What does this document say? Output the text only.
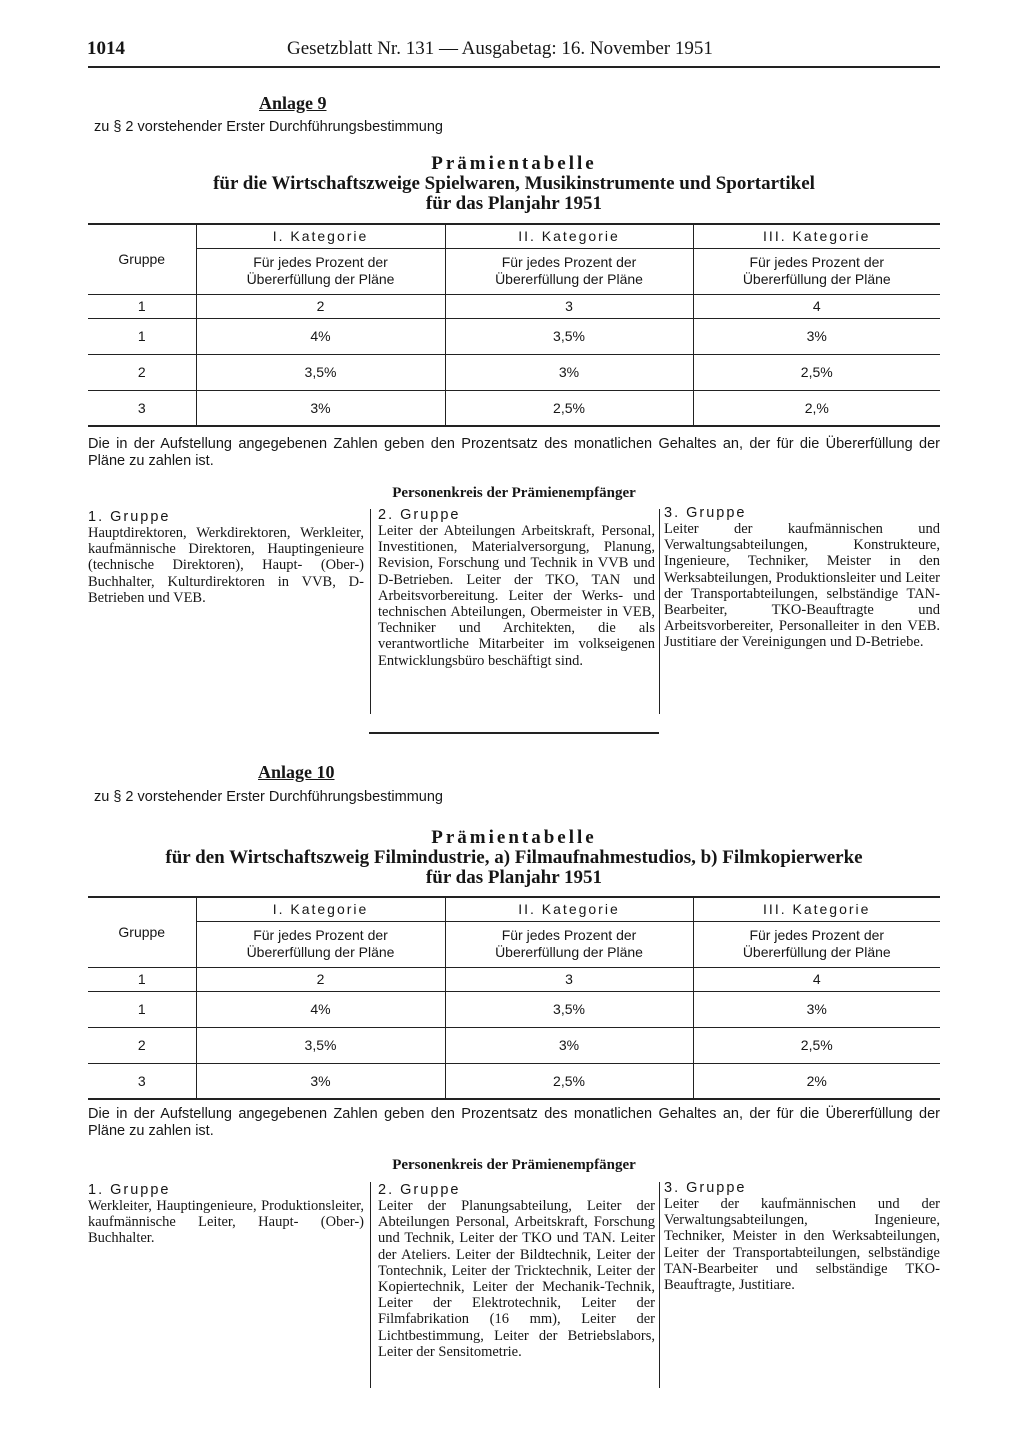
1014	Gesetzblatt Nr. 131 — Ausgabetag: 16. November 1951
Anlage 9
zu § 2 vorstehender Erster Durchführungsbestimmung
Prämientabelle
für die Wirtschaftszweige Spielwaren, Musikinstrumente und Sportartikel
für das Planjahr 1951
Gruppe	I. Kategorie	II. Kategorie	III. Kategorie

	Für jedes Prozent der Übererfüllung der Pläne	Für jedes Prozent der Übererfüllung der Pläne	Für jedes Prozent der Übererfüllung der Pläne

1	2	3	4
1	4%	3,5%	3%
2	3,5%	3%	2,5%
3	3%	2,5%	2,%
Die in der Aufstellung angegebenen Zahlen geben den Prozentsatz des monatlichen Gehaltes an, der für die Übererfüllung der Pläne zu zahlen ist.
Personenkreis der Prämienempfänger
1. Gruppe
Hauptdirektoren, Werkdirektoren, Werkleiter, kaufmännische Direktoren, Hauptingenieure (technische Direktoren), Haupt- (Ober-) Buchhalter, Kulturdirektoren in VVB, D-Betrieben und VEB.
2. Gruppe
Leiter der Abteilungen Arbeitskraft, Personal, Investitionen, Materialversorgung, Planung, Revision, Forschung und Technik in VVB und D-Betrieben. Leiter der TKO, TAN und Arbeitsvorbereitung. Leiter der Werks- und technischen Abteilungen, Obermeister in VEB, Techniker und Architekten, die als verantwortliche Mitarbeiter im volkseigenen Entwicklungsbüro beschäftigt sind.
3. Gruppe
Leiter der kaufmännischen und Verwaltungsabteilungen, Konstrukteure, Ingenieure, Techniker, Meister in den Werksabteilungen, Produktionsleiter und Leiter der Transportabteilungen, selbständige TAN-Bearbeiter, TKO-Beauftragte und Arbeitsvorbereiter, Personalleiter in den VEB. Justitiare der Vereinigungen und D-Betriebe.
Anlage 10
zu § 2 vorstehender Erster Durchführungsbestimmung
Prämientabelle
für den Wirtschaftszweig Filmindustrie, a) Filmaufnahmestudios, b) Filmkopierwerke
für das Planjahr 1951
Gruppe	I. Kategorie	II. Kategorie	III. Kategorie

	Für jedes Prozent der Übererfüllung der Pläne	Für jedes Prozent der Übererfüllung der Pläne	Für jedes Prozent der Übererfüllung der Pläne

1	2	3	4
1	4%	3,5%	3%
2	3,5%	3%	2,5%
3	3%	2,5%	2%
Die in der Aufstellung angegebenen Zahlen geben den Prozentsatz des monatlichen Gehaltes an, der für die Übererfüllung der Pläne zu zahlen ist.
Personenkreis der Prämienempfänger
1. Gruppe
Werkleiter, Hauptingenieure, Produktionsleiter, kaufmännische Leiter, Haupt- (Ober-) Buchhalter.
2. Gruppe
Leiter der Planungsabteilung, Leiter der Abteilungen Personal, Arbeitskraft, Forschung und Technik, Leiter der TKO und TAN. Leiter der Ateliers. Leiter der Bildtechnik, Leiter der Tontechnik, Leiter der Tricktechnik, Leiter der Kopiertechnik, Leiter der Mechanik-Technik, Leiter der Elektrotechnik, Leiter der Filmfabrikation (16 mm), Leiter der Lichtbestimmung, Leiter der Betriebslabors, Leiter der Sensitometrie.
3. Gruppe
Leiter der kaufmännischen und der Verwaltungsabteilungen, Ingenieure, Techniker, Meister in den Werksabteilungen, Leiter der Transportabteilungen, selbständige TAN-Bearbeiter und selbständige TKO-Beauftragte, Justitiare.
